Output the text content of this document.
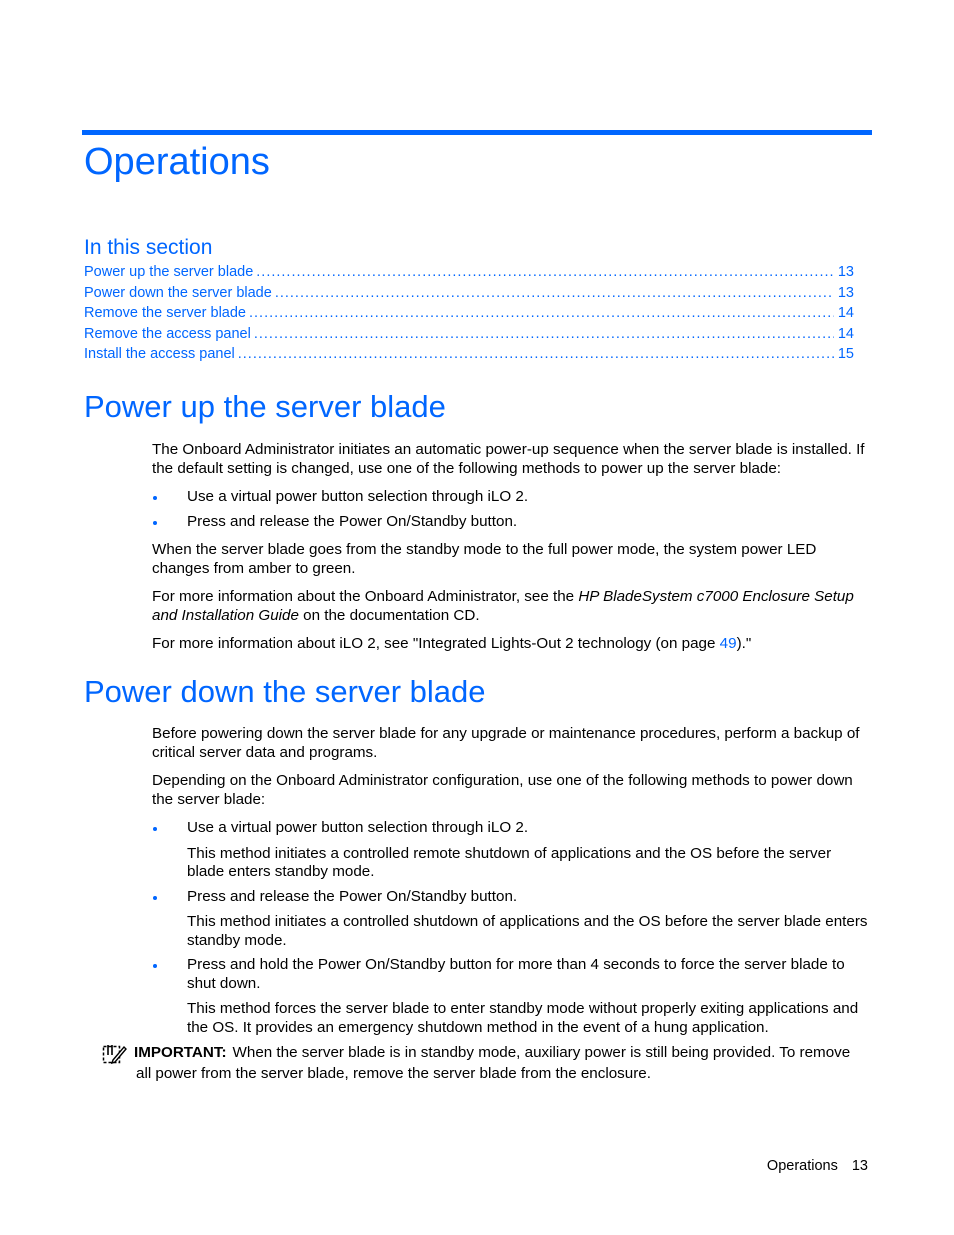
Operations
In this section
Power up the server blade .....	13
Power down the server blade .....	13
Remove the server blade .....	14
Remove the access panel .....	14
Install the access panel .....	15
Power up the server blade

The Onboard Administrator initiates an automatic power-up sequence when the server blade is installed. If the default setting is changed, use one of the following methods to power up the server blade:

Use a virtual power button selection through iLO 2.
Press and release the Power On/Standby button.

When the server blade goes from the standby mode to the full power mode, the system power LED changes from amber to green.

For more information about the Onboard Administrator, see the HP BladeSystem c7000 Enclosure Setup and Installation Guide on the documentation CD.

For more information about iLO 2, see "Integrated Lights-Out 2 technology (on page 49)."

Power down the server blade

Before powering down the server blade for any upgrade or maintenance procedures, perform a backup of critical server data and programs.

Depending on the Onboard Administrator configuration, use one of the following methods to power down the server blade:

Use a virtual power button selection through iLO 2.
This method initiates a controlled remote shutdown of applications and the OS before the server blade enters standby mode.
Press and release the Power On/Standby button.
This method initiates a controlled shutdown of applications and the OS before the server blade enters standby mode.
Press and hold the Power On/Standby button for more than 4 seconds to force the server blade to shut down.
This method forces the server blade to enter standby mode without properly exiting applications and the OS. It provides an emergency shutdown method in the event of a hung application.
IMPORTANT: When the server blade is in standby mode, auxiliary power is still being provided. To remove all power from the server blade, remove the server blade from the enclosure.
Operations 13
